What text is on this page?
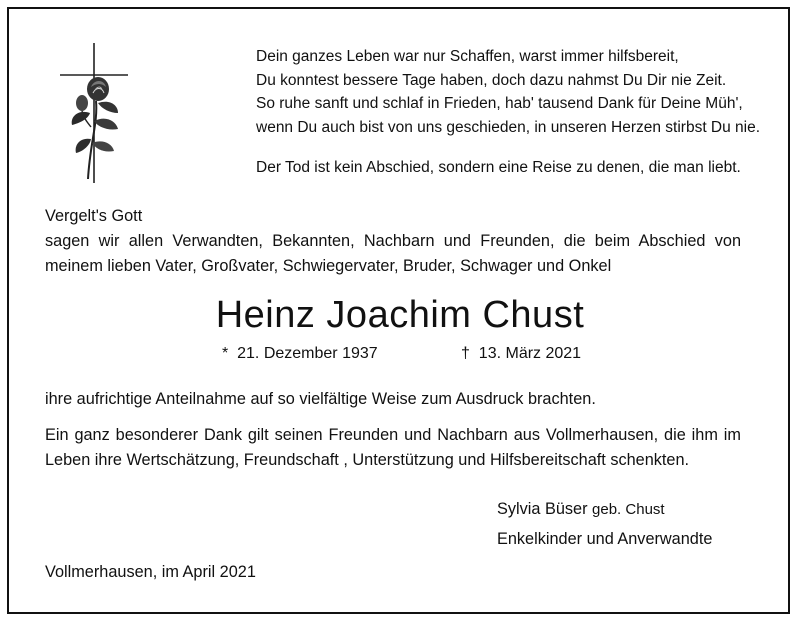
Dein ganzes Leben war nur Schaffen, warst immer hilfsbereit,
Du konntest bessere Tage haben, doch dazu nahmst Du Dir nie Zeit.
So ruhe sanft und schlaf in Frieden, hab' tausend Dank für Deine Müh',
wenn Du auch bist von uns geschieden, in unseren Herzen stirbst Du nie.
Der Tod ist kein Abschied, sondern eine Reise zu denen, die man liebt.
Vergelt's Gott
sagen wir allen Verwandten, Bekannten, Nachbarn und Freunden, die beim Abschied von
meinem lieben Vater, Großvater, Schwiegervater, Bruder, Schwager und Onkel
Heinz Joachim Chust
* 21. Dezember 1937	† 13. März 2021
ihre aufrichtige Anteilnahme auf so vielfältige Weise zum Ausdruck brachten.
Ein ganz besonderer Dank gilt seinen Freunden und Nachbarn aus Vollmerhausen, die ihm im
Leben ihre Wertschätzung, Freundschaft , Unterstützung und Hilfsbereitschaft schenkten.
Sylvia Büser geb. Chust
Enkelkinder und Anverwandte
Vollmerhausen, im April 2021
